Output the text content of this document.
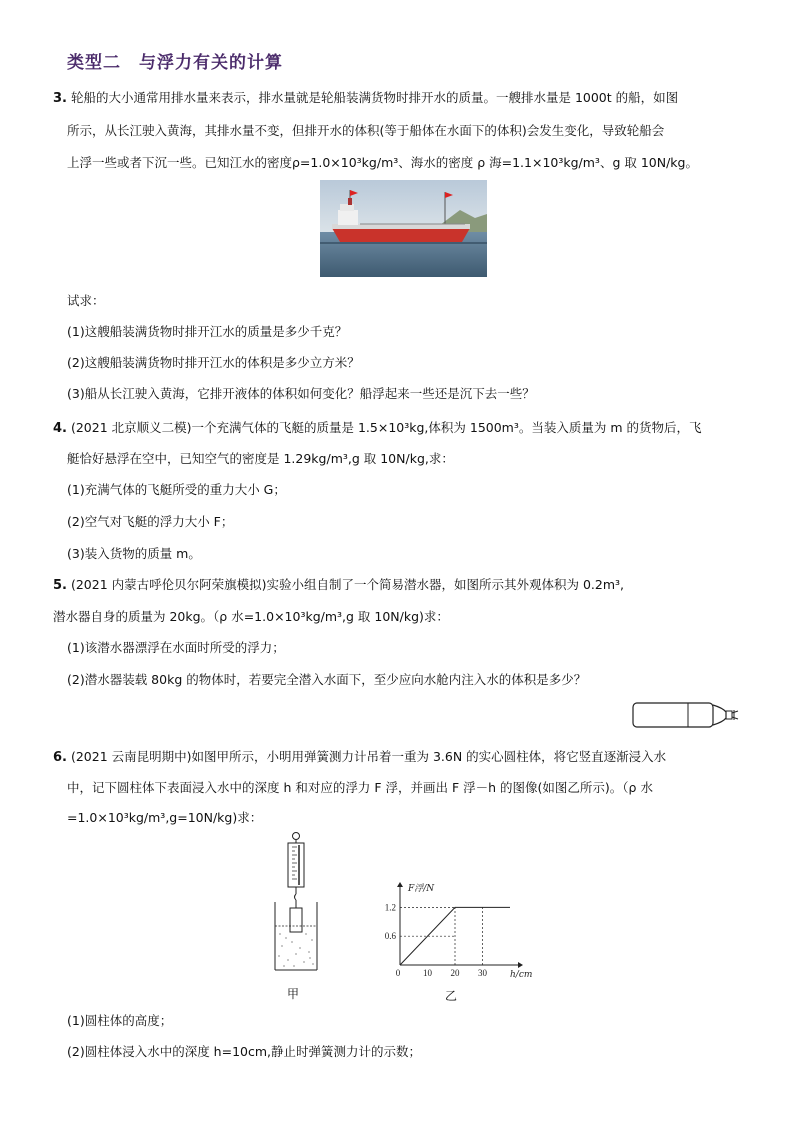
类型二　与浮力有关的计算
3. 轮船的大小通常用排水量来表示，排水量就是轮船装满货物时排开水的质量。一艘排水量是 1000t 的船，如图
所示，从长江驶入黄海，其排水量不变，但排开水的体积(等于船体在水面下的体积)会发生变化，导致轮船会
上浮一些或者下沉一些。已知江水的密度ρ=1.0×10³kg/m³、海水的密度 ρ 海=1.1×10³kg/m³、g 取 10N/kg。
试求：
(1)这艘船装满货物时排开江水的质量是多少千克？
(2)这艘船装满货物时排开江水的体积是多少立方米？
(3)船从长江驶入黄海，它排开液体的体积如何变化？船浮起来一些还是沉下去一些？
4. (2021 北京顺义二模)一个充满气体的飞艇的质量是 1.5×10³kg,体积为 1500m³。当装入质量为 m 的货物后，飞
艇恰好悬浮在空中，已知空气的密度是 1.29kg/m³,g 取 10N/kg,求：
(1)充满气体的飞艇所受的重力大小 G；
(2)空气对飞艇的浮力大小 F；
(3)装入货物的质量 m。
5. (2021 内蒙古呼伦贝尔阿荣旗模拟)实验小组自制了一个简易潜水器，如图所示其外观体积为 0.2m³,
潜水器自身的质量为 20kg。（ρ 水=1.0×10³kg/m³,g 取 10N/kg)求：
(1)该潜水器漂浮在水面时所受的浮力；
(2)潜水器装载 80kg 的物体时，若要完全潜入水面下，至少应向水舱内注入水的体积是多少？
6. (2021 云南昆明期中)如图甲所示，小明用弹簧测力计吊着一重为 3.6N 的实心圆柱体，将它竖直逐渐浸入水
中，记下圆柱体下表面浸入水中的深度 h 和对应的浮力 F 浮，并画出 F 浮－h 的图像(如图乙所示)。（ρ 水
=1.0×10³kg/m³,g=10N/kg)求：
甲
0	10 20 30
0.6
1.2
F浮/N
h/cm
乙
(1)圆柱体的高度；
(2)圆柱体浸入水中的深度 h=10cm,静止时弹簧测力计的示数；
